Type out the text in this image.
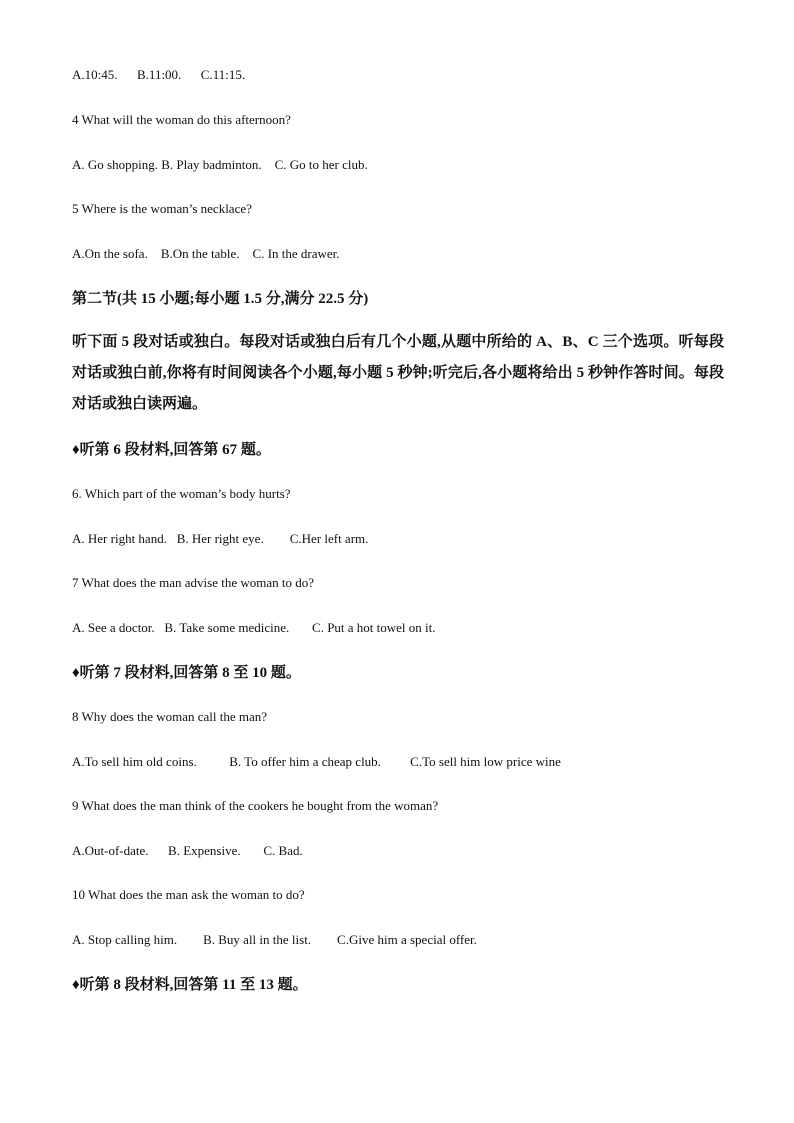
A.10:45.      B.11:00.      C.11:15.
4 What will the woman do this afternoon?
A. Go shopping. B. Play badminton.    C. Go to her club.
5 Where is the woman’s necklace?
A.On the sofa.    B.On the table.    C. In the drawer.
第二节(共 15 小题;每小题 1.5 分,满分 22.5 分)
听下面 5 段对话或独白。每段对话或独白后有几个小题,从题中所给的 A、B、C 三个选项。听每段对话或独白前,你将有时间阅读各个小题,每小题 5 秒钟;听完后,各小题将给出 5 秒钟作答时间。每段对话或独白读两遍。
♦听第 6 段材料,回答第 67 题。
6. Which part of the woman’s body hurts?
A. Her right hand.   B. Her right eye.        C.Her left arm.
7 What does the man advise the woman to do?
A. See a doctor.   B. Take some medicine.       C. Put a hot towel on it.
♦听第 7 段材料,回答第 8 至 10 题。
8 Why does the woman call the man?
A.To sell him old coins.          B. To offer him a cheap club.         C.To sell him low price wine
9 What does the man think of the cookers he bought from the woman?
A.Out-of-date.      B. Expensive.       C. Bad.
10 What does the man ask the woman to do?
A. Stop calling him.        B. Buy all in the list.        C.Give him a special offer.
♦听第 8 段材料,回答第 11 至 13 题。
